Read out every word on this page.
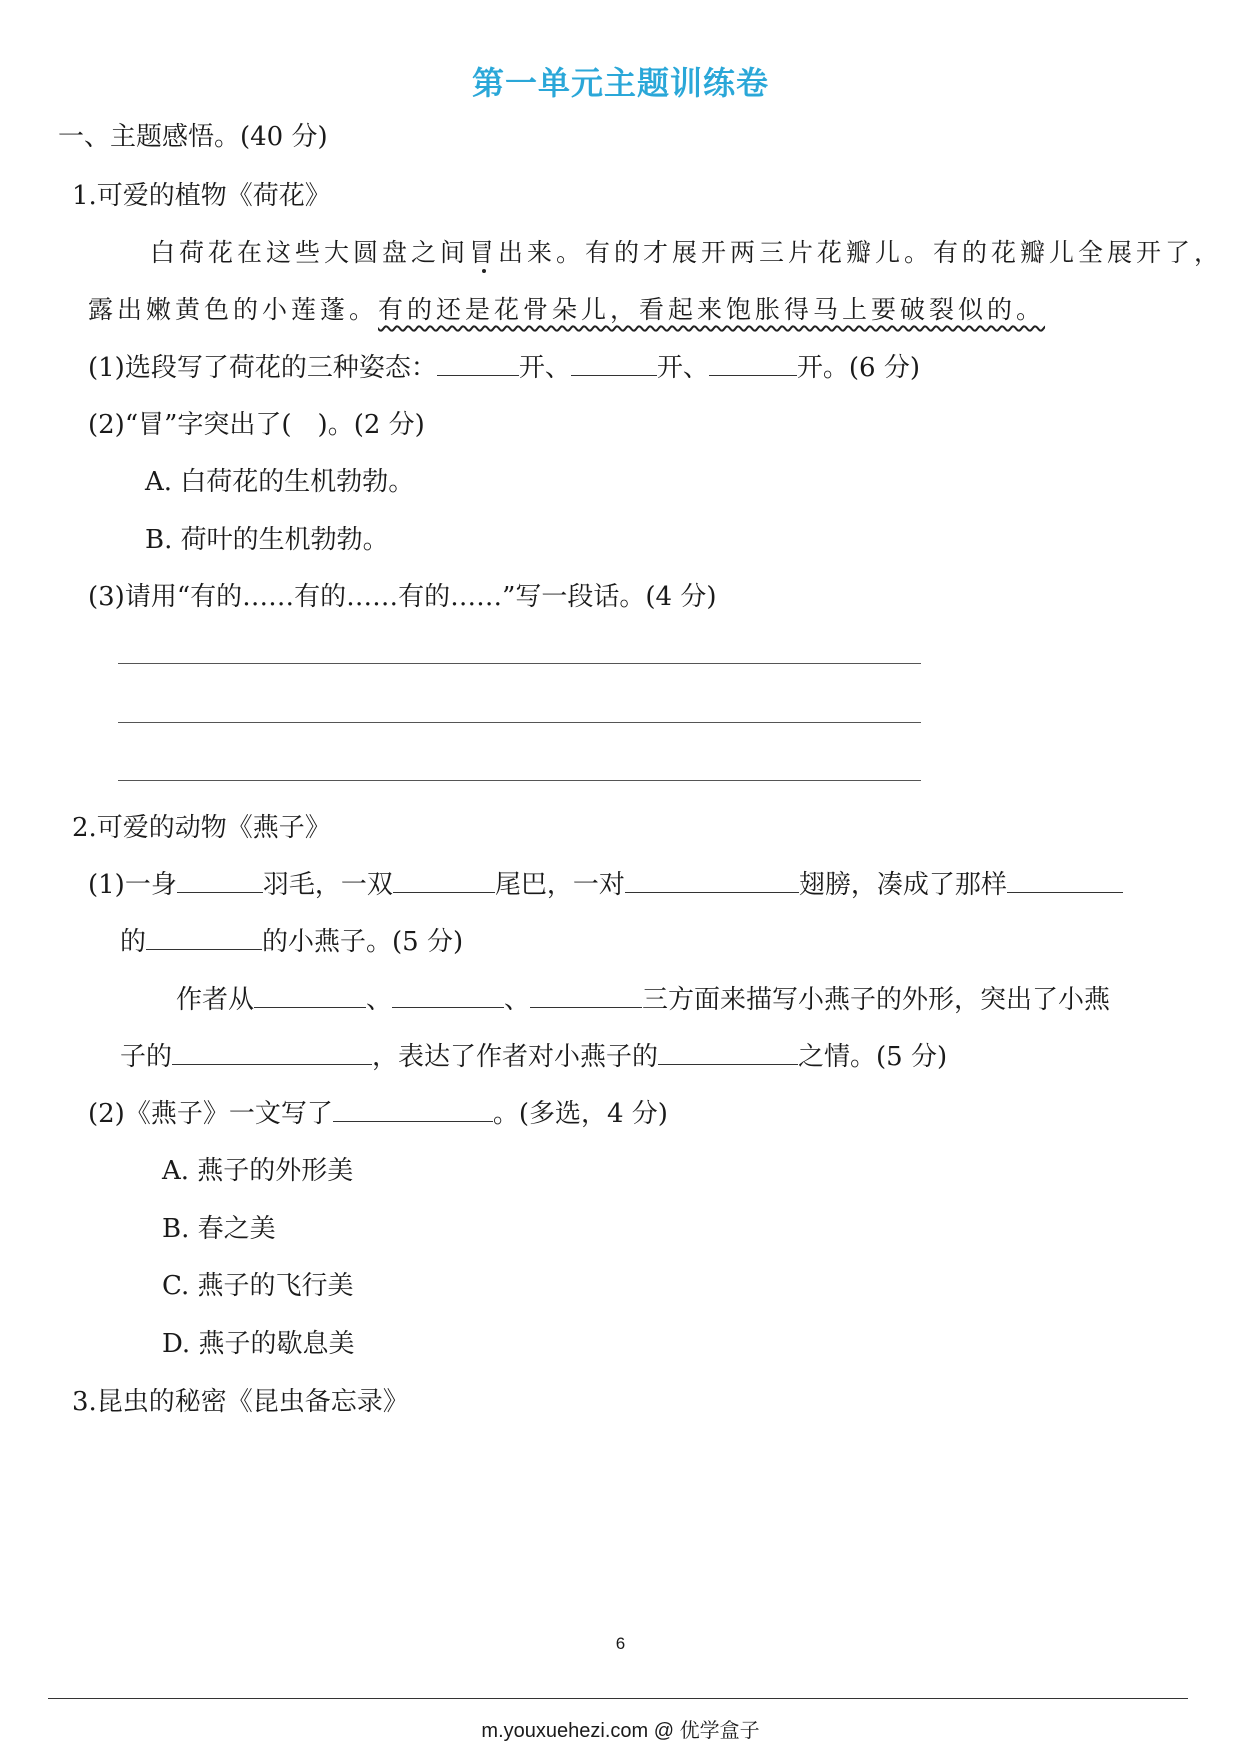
第一单元主题训练卷
一、主题感悟。(40 分)
1.可爱的植物《荷花》
白荷花在这些大圆盘之间冒出来。有的才展开两三片花瓣儿。有的花瓣儿全展开了，
露出嫩黄色的小莲蓬。有的还是花骨朵儿，看起来饱胀得马上要破裂似的。
(1)选段写了荷花的三种姿态：	开、	开、	开。(6 分)
(2)“冒”字突出了(　)。(2 分)
A. 白荷花的生机勃勃。
B. 荷叶的生机勃勃。
(3)请用“有的……有的……有的……”写一段话。(4 分)
2.可爱的动物《燕子》
(1)一身	羽毛，一双	尾巴，一对	翅膀，凑成了那样
的	的小燕子。(5 分)
作者从	、	、	三方面来描写小燕子的外形，突出了小燕
子的	，表达了作者对小燕子的	之情。(5 分)
(2)《燕子》一文写了	。(多选，4 分)
A. 燕子的外形美
B. 春之美
C. 燕子的飞行美
D. 燕子的歇息美
3.昆虫的秘密《昆虫备忘录》
6
m.youxuehezi.com @ 优学盒子
